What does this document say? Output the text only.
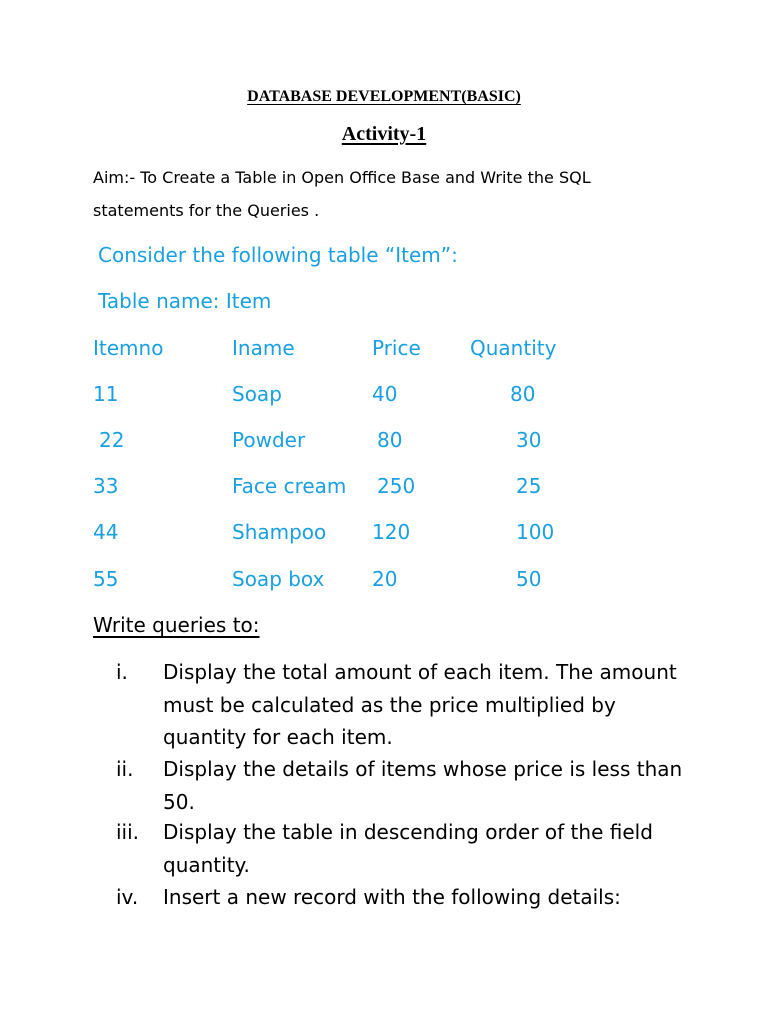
DATABASE DEVELOPMENT(BASIC)
Activity-1
Aim:- To Create a Table in Open Office Base and Write the SQL statements for the Queries .
Consider the following table “Item”:
Table name: Item
Itemno	Iname	Price Quantity
11	Soap	40	80
22	Powder	80	30
33	Face cream 250	25
44	Shampoo 120	100
55	Soap box 20	50
Write queries to:
i. Display the total amount of each item. The amount must be calculated as the price multiplied by quantity for each item.
ii. Display the details of items whose price is less than 50.
iii. Display the table in descending order of the field quantity.
iv. Insert a new record with the following details:
